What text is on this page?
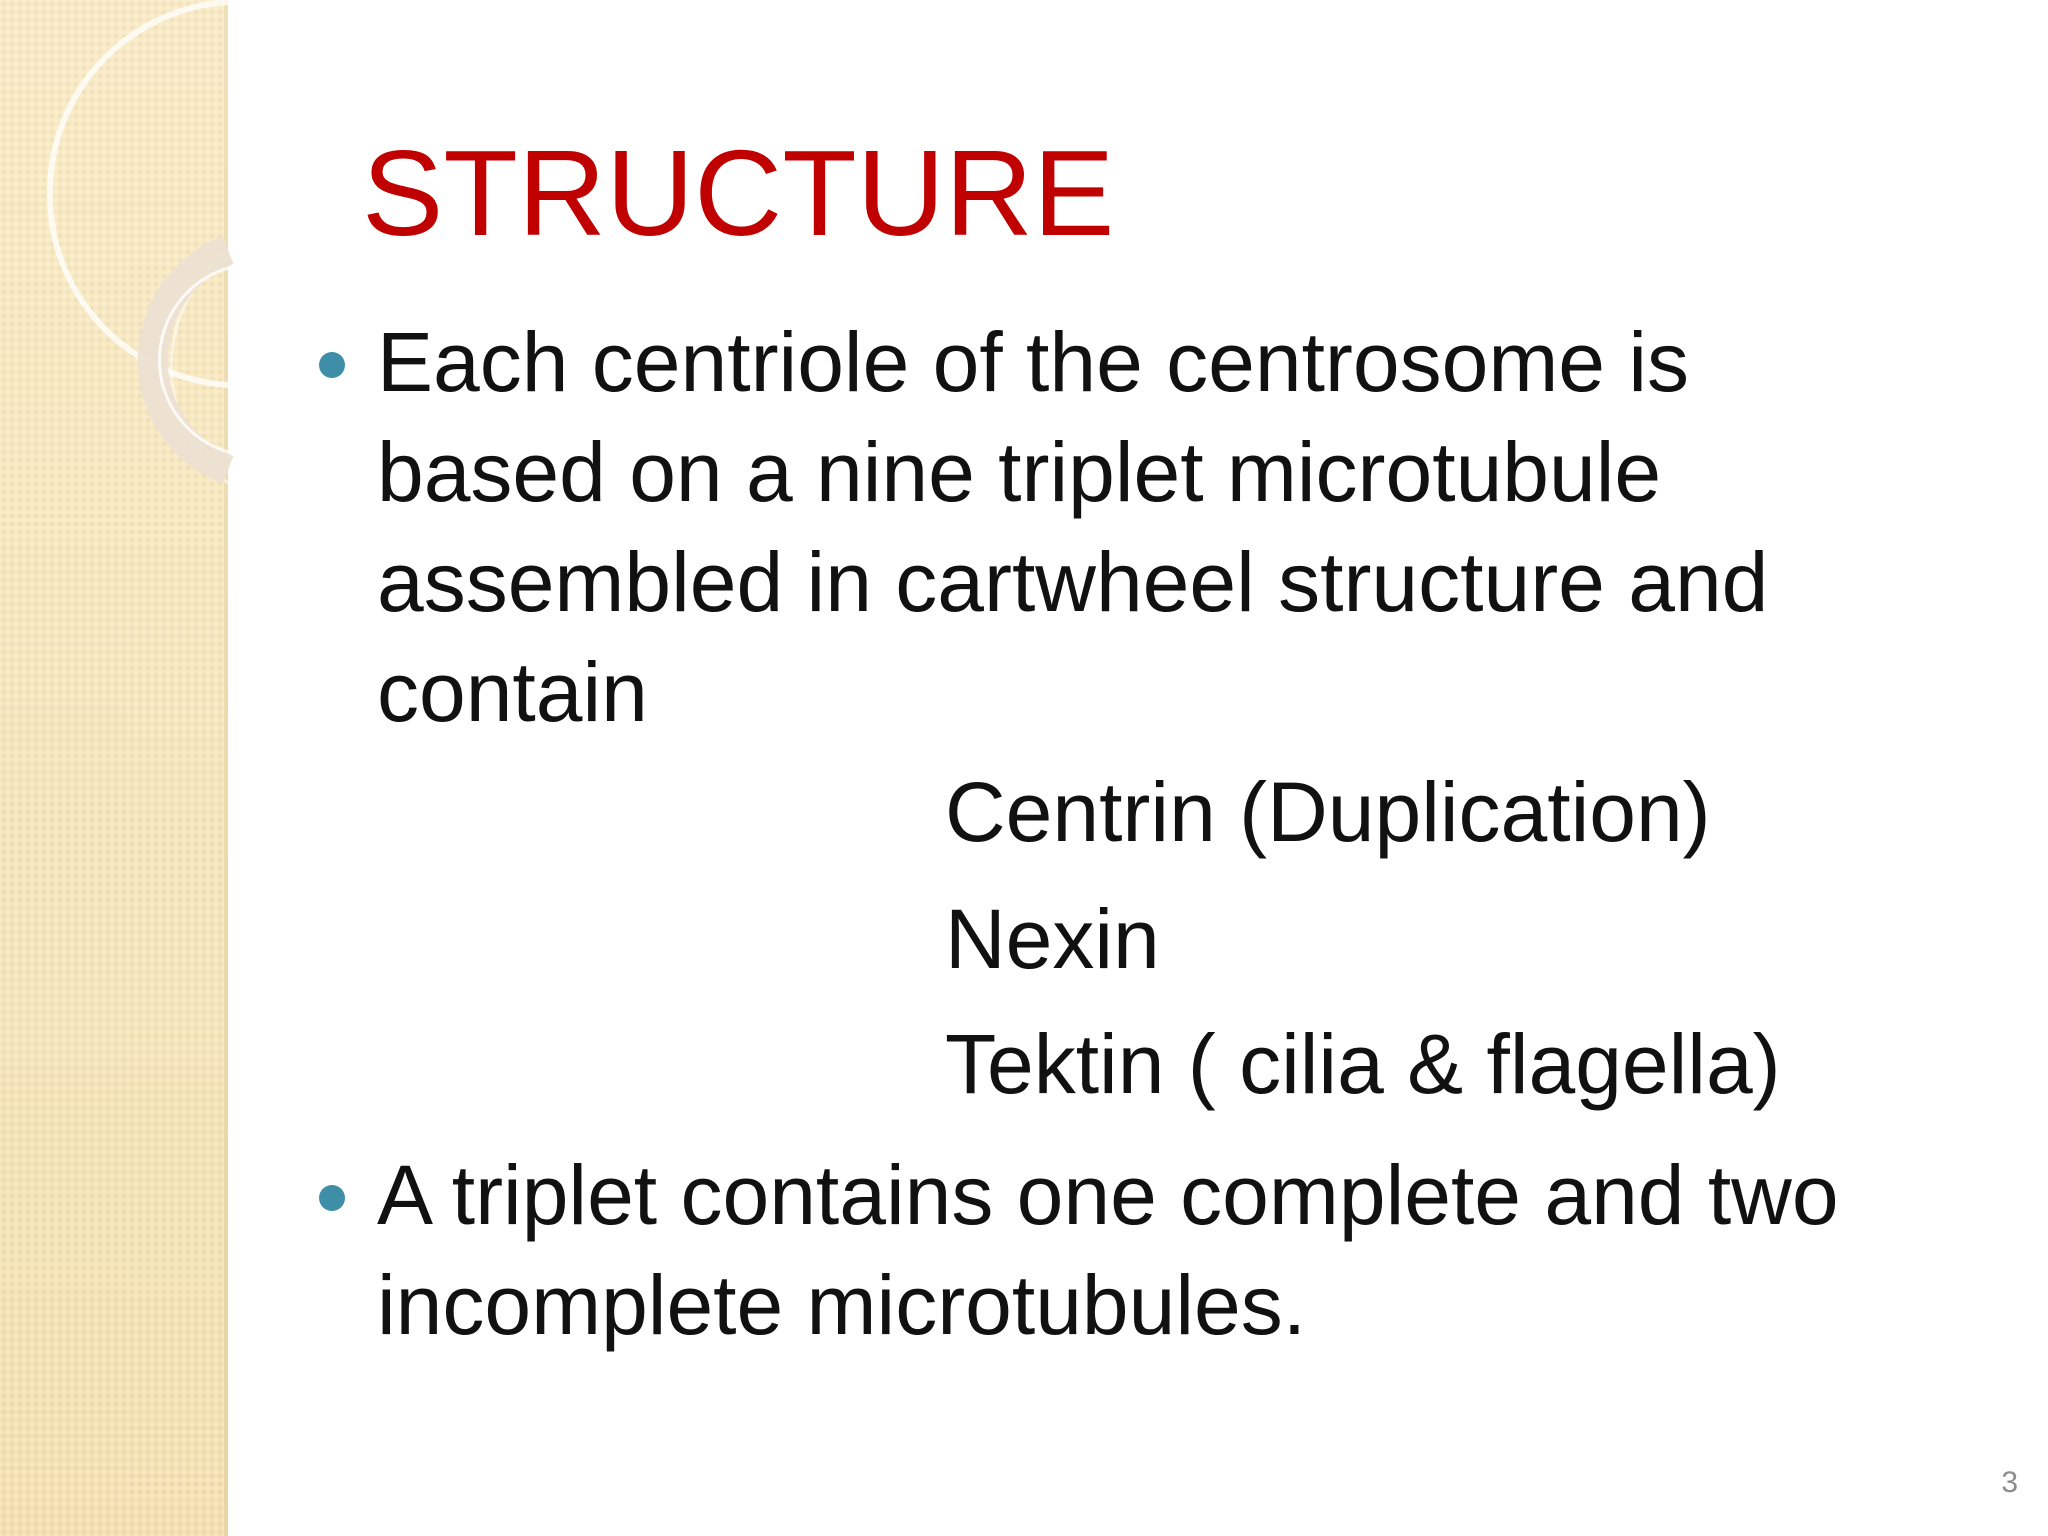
STRUCTURE

Each centriole of the centrosome is
based on a nine triplet microtubule
assembled in cartwheel structure and
contain

Centrin (Duplication)
Nexin
Tektin ( cilia & flagella)

A triplet contains one complete and two
incomplete microtubules.

3
